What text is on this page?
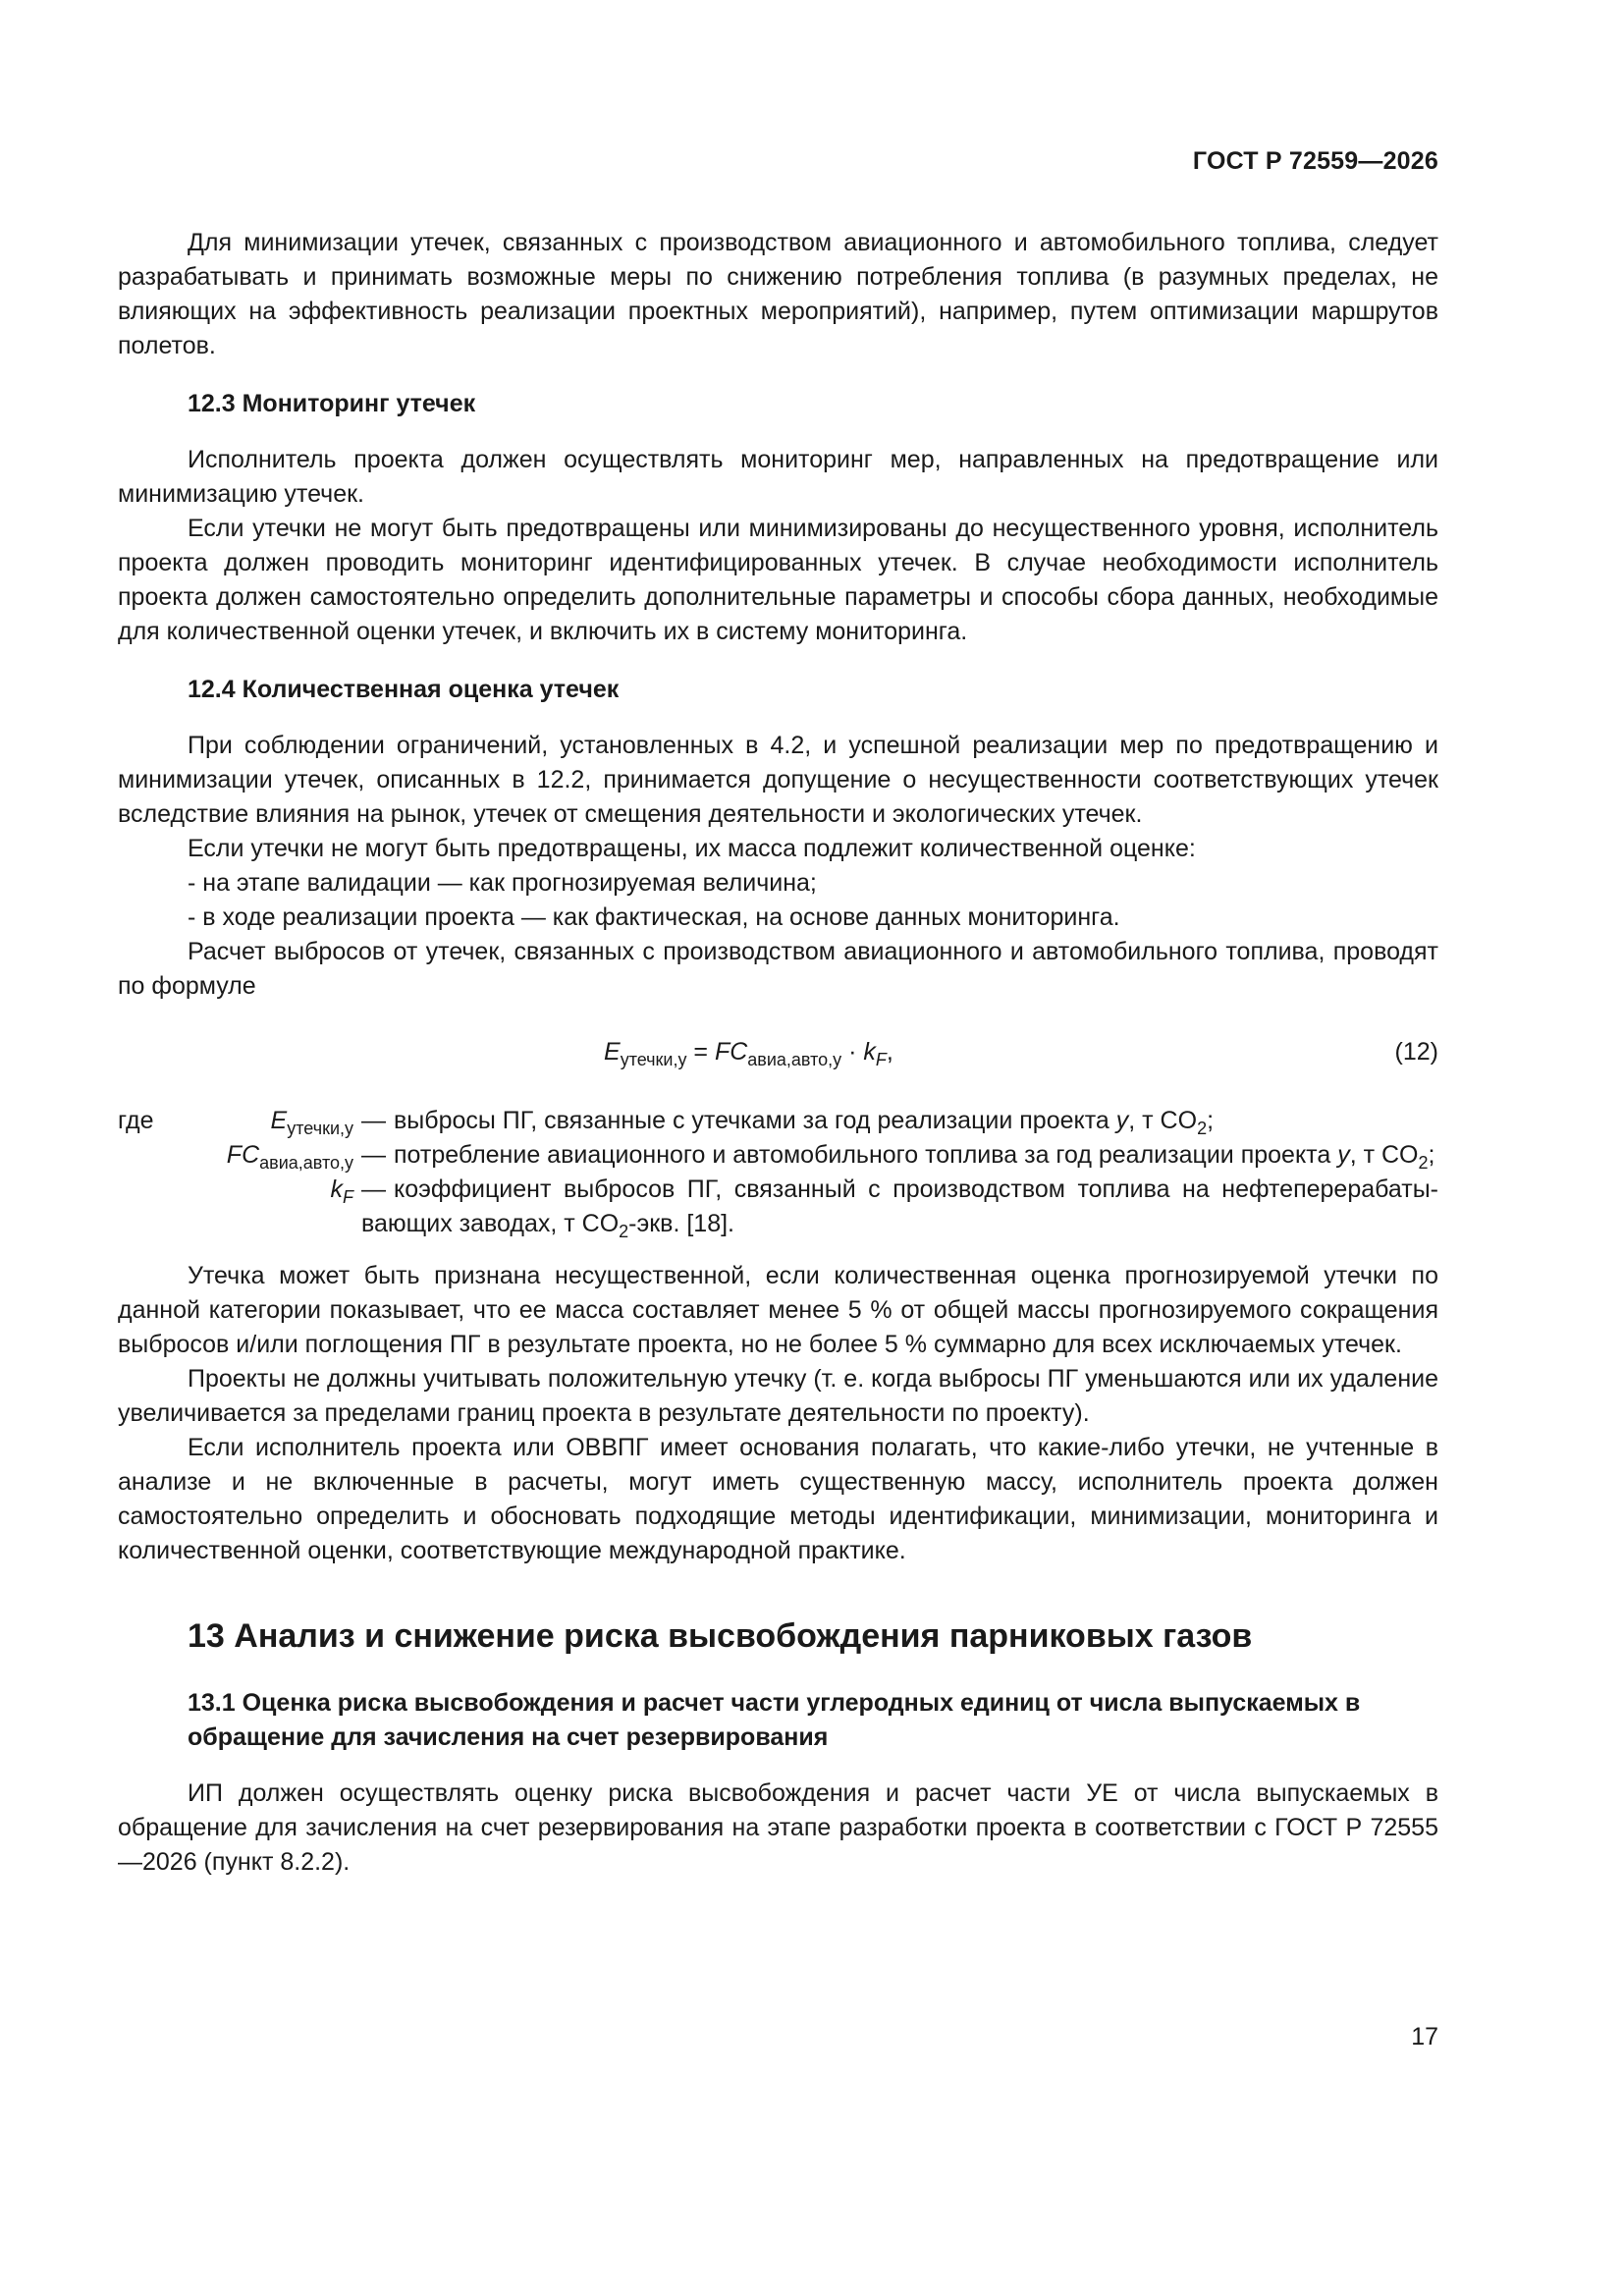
ГОСТ Р 72559—2026

Для минимизации утечек, связанных с производством авиационного и автомобильного топлива, следует разрабатывать и принимать возможные меры по снижению потребления топлива (в разумных пределах, не влияющих на эффективность реализации проектных мероприятий), например, путем оптимизации маршрутов полетов.

12.3 Мониторинг утечек

Исполнитель проекта должен осуществлять мониторинг мер, направленных на предотвращение или минимизацию утечек.

Если утечки не могут быть предотвращены или минимизированы до несущественного уровня, исполнитель проекта должен проводить мониторинг идентифицированных утечек. В случае необходимости исполнитель проекта должен самостоятельно определить дополнительные параметры и способы сбора данных, необходимые для количественной оценки утечек, и включить их в систему мониторинга.

12.4 Количественная оценка утечек

При соблюдении ограничений, установленных в 4.2, и успешной реализации мер по предотвращению и минимизации утечек, описанных в 12.2, принимается допущение о несущественности соответствующих утечек вследствие влияния на рынок, утечек от смещения деятельности и экологических утечек.

Если утечки не могут быть предотвращены, их масса подлежит количественной оценке:

- на этапе валидации — как прогнозируемая величина;
- в ходе реализации проекта — как фактическая, на основе данных мониторинга.

Расчет выбросов от утечек, связанных с производством авиационного и автомобильного топлива, проводят по формуле

$E_{утечки,y} = FC_{авиа,авто,y} \cdot k_F$,	(12)
где	$E_{утечки,y}$ — выбросы ПГ, связанные с утечками за год реализации проекта y, т $CO_2$;
$FC_{авиа,авто,y}$ — потребление авиационного и автомобильного топлива за год реализации проекта y, т $CO_2$;
$k_F$ — коэффициент выбросов ПГ, связанный с производством топлива на нефтеперерабатывающих заводах, т $CO_2$-экв. [18].

Утечка может быть признана несущественной, если количественная оценка прогнозируемой утечки по данной категории показывает, что ее масса составляет менее 5 % от общей массы прогнозируемого сокращения выбросов и/или поглощения ПГ в результате проекта, но не более 5 % суммарно для всех исключаемых утечек.

Проекты не должны учитывать положительную утечку (т. е. когда выбросы ПГ уменьшаются или их удаление увеличивается за пределами границ проекта в результате деятельности по проекту).

Если исполнитель проекта или ОВВПГ имеет основания полагать, что какие-либо утечки, не учтенные в анализе и не включенные в расчеты, могут иметь существенную массу, исполнитель проекта должен самостоятельно определить и обосновать подходящие методы идентификации, минимизации, мониторинга и количественной оценки, соответствующие международной практике.

13 Анализ и снижение риска высвобождения парниковых газов
13.1 Оценка риска высвобождения и расчет части углеродных единиц от числа выпускаемых в обращение для зачисления на счет резервирования

ИП должен осуществлять оценку риска высвобождения и расчет части УЕ от числа выпускаемых в обращение для зачисления на счет резервирования на этапе разработки проекта в соответствии с ГОСТ Р 72555—2026 (пункт 8.2.2).

17
